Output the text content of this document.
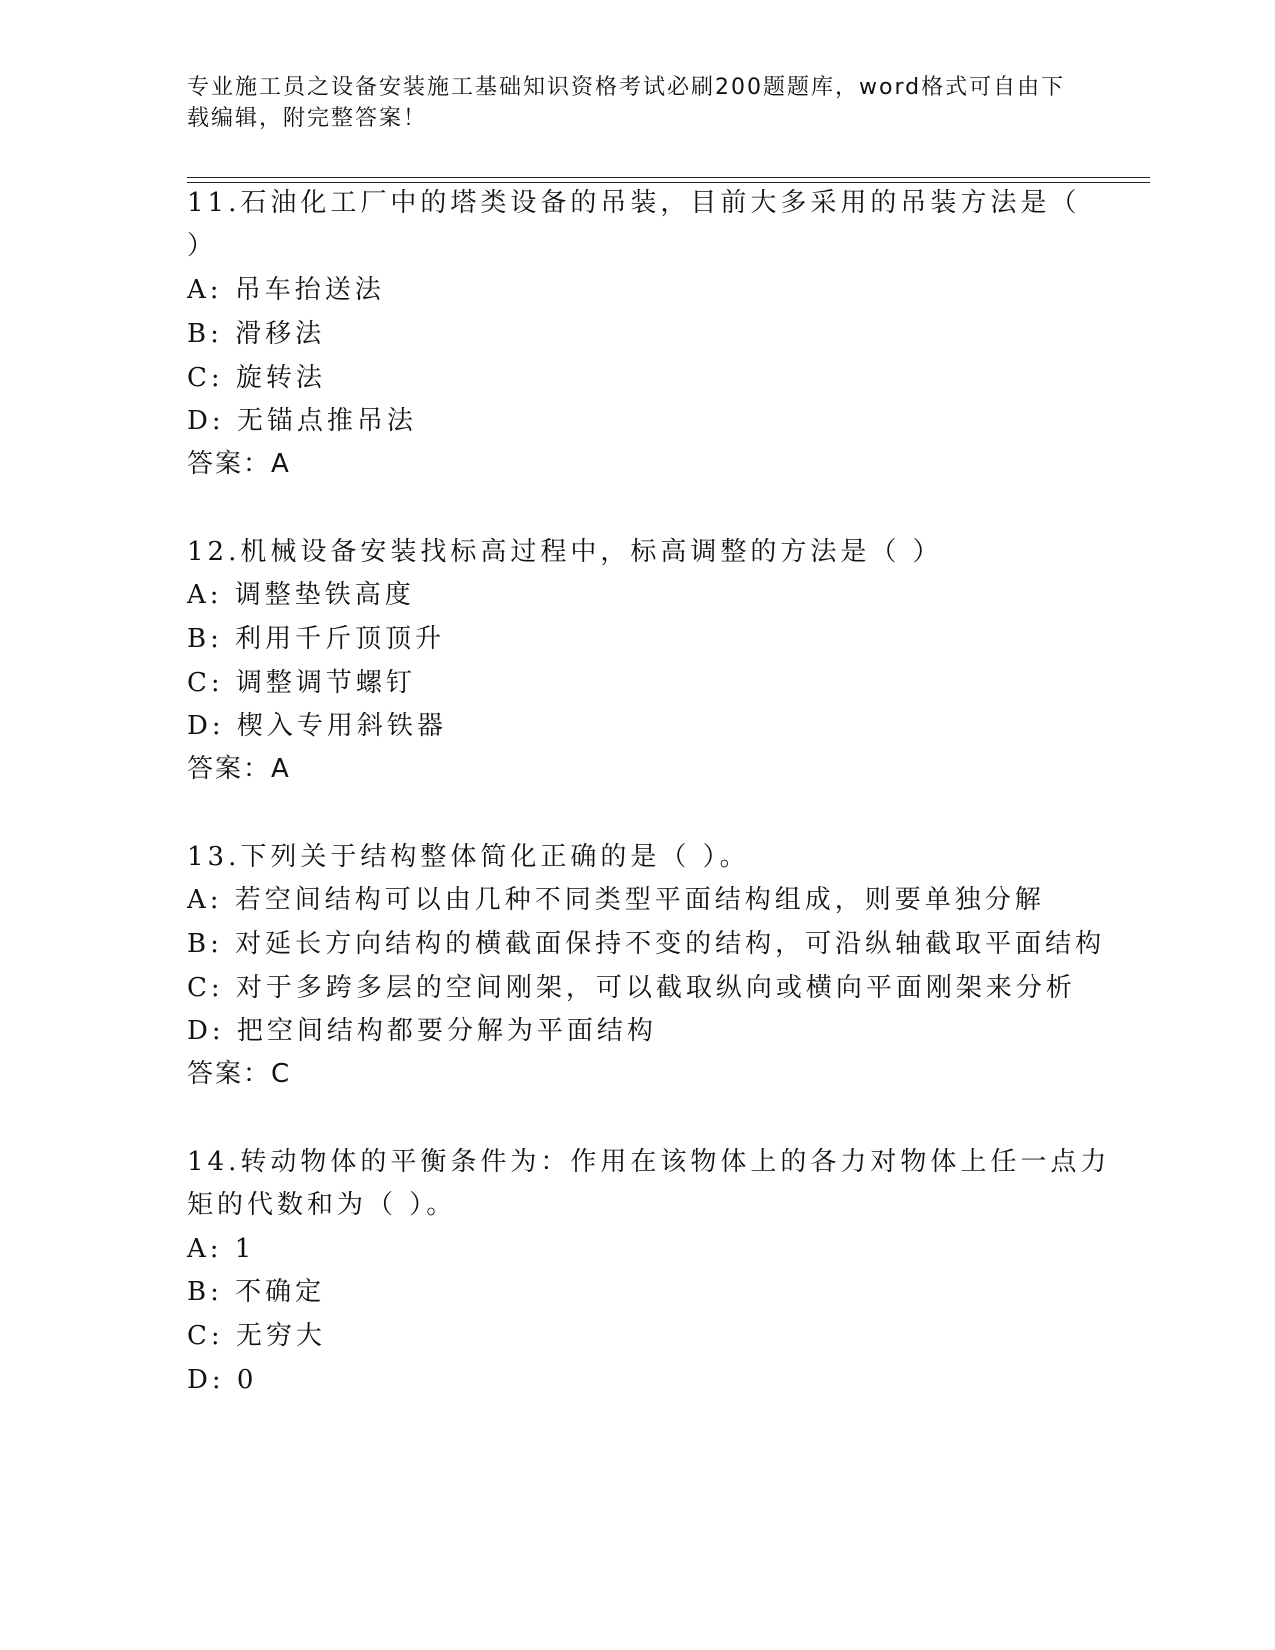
专业施工员之设备安装施工基础知识资格考试必刷200题题库，word格式可自由下载编辑，附完整答案！
11.石油化工厂中的塔类设备的吊装，目前大多采用的吊装方法是（
）
A: 吊车抬送法
B: 滑移法
C: 旋转法
D: 无锚点推吊法
答案：A
12.机械设备安装找标高过程中，标高调整的方法是（ ）
A: 调整垫铁高度
B: 利用千斤顶顶升
C: 调整调节螺钉
D: 楔入专用斜铁器
答案：A
13.下列关于结构整体简化正确的是（ ）。
A: 若空间结构可以由几种不同类型平面结构组成，则要单独分解
B: 对延长方向结构的横截面保持不变的结构，可沿纵轴截取平面结构
C: 对于多跨多层的空间刚架，可以截取纵向或横向平面刚架来分析
D: 把空间结构都要分解为平面结构
答案：C
14.转动物体的平衡条件为：作用在该物体上的各力对物体上任一点力
矩的代数和为（ ）。
A: 1
B: 不确定
C: 无穷大
D: 0
